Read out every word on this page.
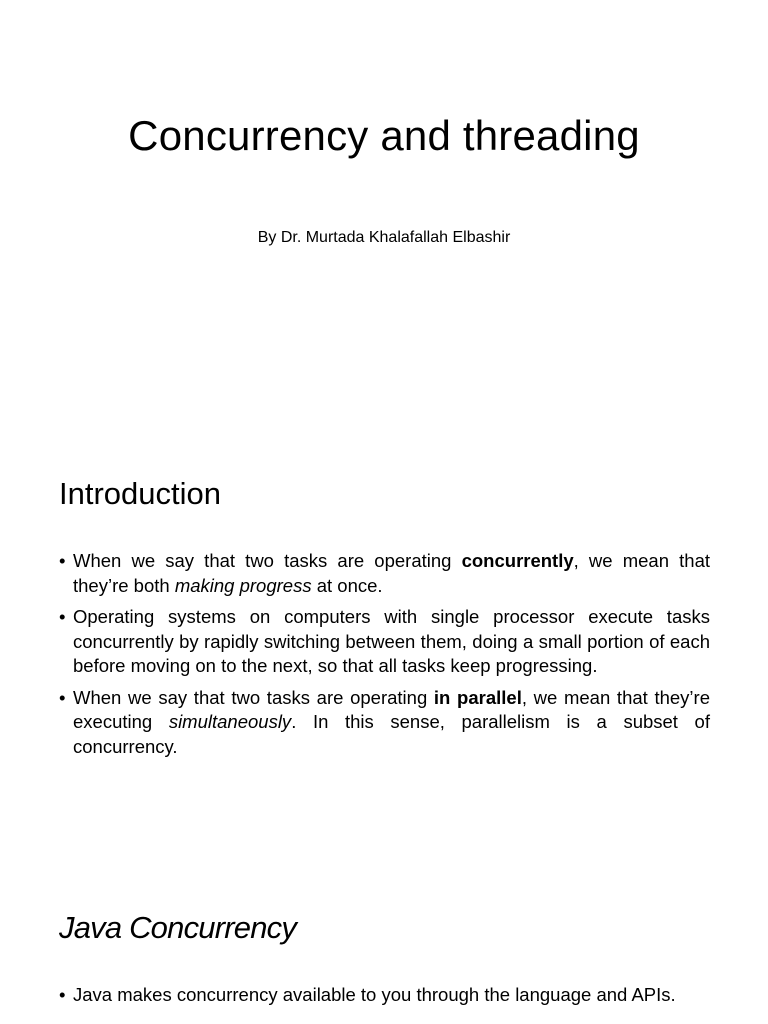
Concurrency and threading

By Dr. Murtada Khalafallah Elbashir

Introduction
• When we say that two tasks are operating concurrently, we mean that they’re both making progress at once.
• Operating systems on computers with single processor execute tasks concurrently by rapidly switching between them, doing a small portion of each before moving on to the next, so that all tasks keep progressing.
• When we say that two tasks are operating in parallel, we mean that they’re executing simultaneously. In this sense, parallelism is a subset of concurrency.
Java Concurrency
• Java makes concurrency available to you through the language and APIs.
